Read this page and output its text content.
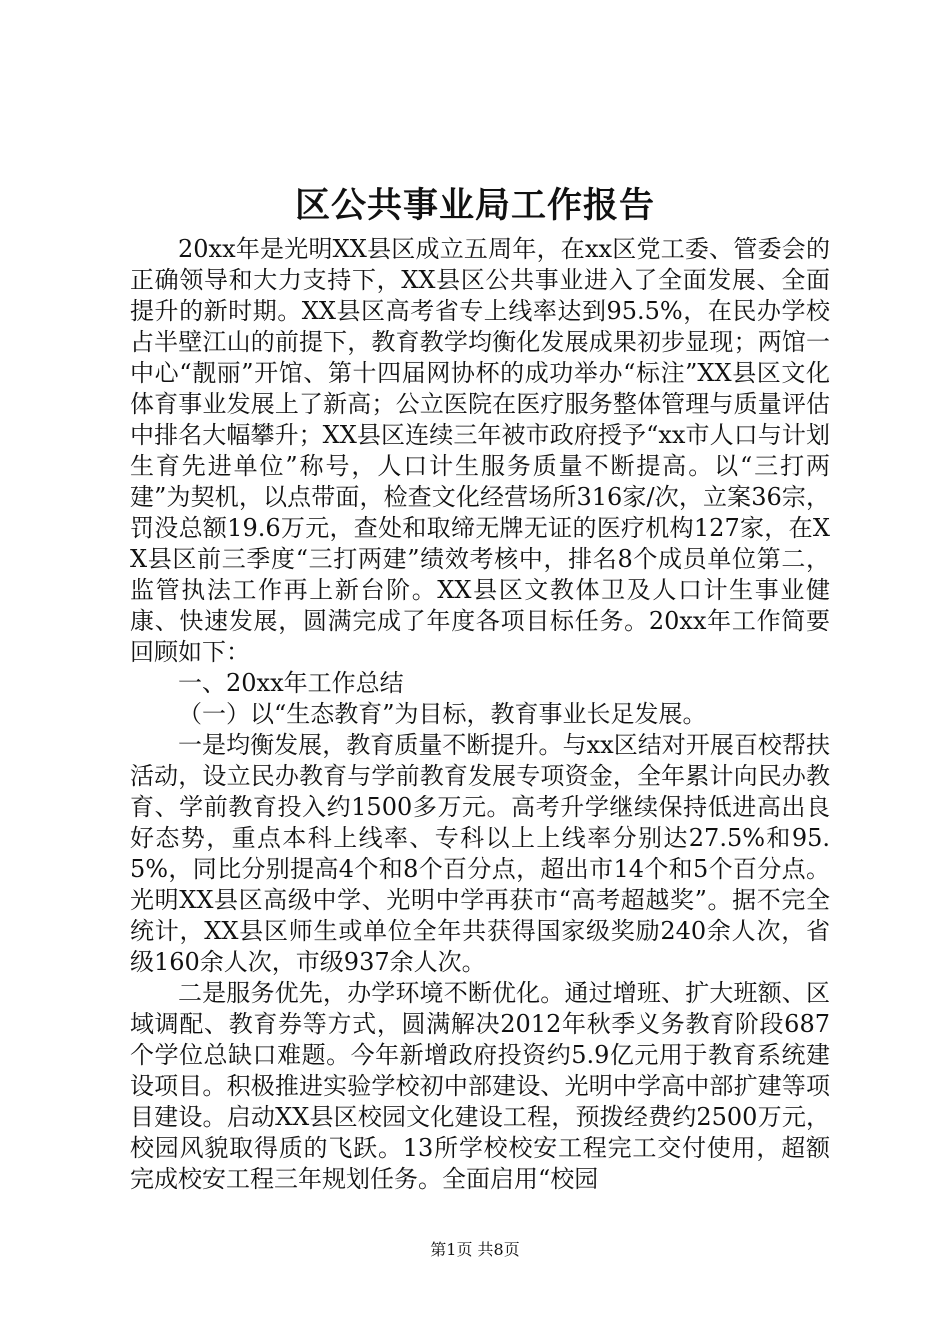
区公共事业局工作报告

20xx年是光明XX县区成立五周年，在xx区党工委、管委会的正确领导和大力支持下，XX县区公共事业进入了全面发展、全面提升的新时期。XX县区高考省专上线率达到95.5%，在民办学校占半壁江山的前提下，教育教学均衡化发展成果初步显现；两馆一中心“靓丽”开馆、第十四届网协杯的成功举办“标注”XX县区文化体育事业发展上了新高；公立医院在医疗服务整体管理与质量评估中排名大幅攀升；XX县区连续三年被市政府授予“xx市人口与计划生育先进单位”称号，人口计生服务质量不断提高。以“三打两建”为契机，以点带面，检查文化经营场所316家/次，立案36宗，罚没总额19.6万元，查处和取缔无牌无证的医疗机构127家，在XX县区前三季度“三打两建”绩效考核中，排名8个成员单位第二，监管执法工作再上新台阶。XX县区文教体卫及人口计生事业健康、快速发展，圆满完成了年度各项目标任务。20xx年工作简要回顾如下：

一、20xx年工作总结

（一）以“生态教育”为目标，教育事业长足发展。

一是均衡发展，教育质量不断提升。与xx区结对开展百校帮扶活动，设立民办教育与学前教育发展专项资金，全年累计向民办教育、学前教育投入约1500多万元。高考升学继续保持低进高出良好态势，重点本科上线率、专科以上上线率分别达27.5%和95.5%，同比分别提高4个和8个百分点，超出市14个和5个百分点。光明XX县区高级中学、光明中学再获市“高考超越奖”。据不完全统计，XX县区师生或单位全年共获得国家级奖励240余人次，省级160余人次，市级937余人次。

二是服务优先，办学环境不断优化。通过增班、扩大班额、区域调配、教育券等方式，圆满解决2012年秋季义务教育阶段687个学位总缺口难题。今年新增政府投资约5.9亿元用于教育系统建设项目。积极推进实验学校初中部建设、光明中学高中部扩建等项目建设。启动XX县区校园文化建设工程，预拨经费约2500万元，校园风貌取得质的飞跃。13所学校校安工程完工交付使用，超额完成校安工程三年规划任务。全面启用“校园

第1页 共8页
